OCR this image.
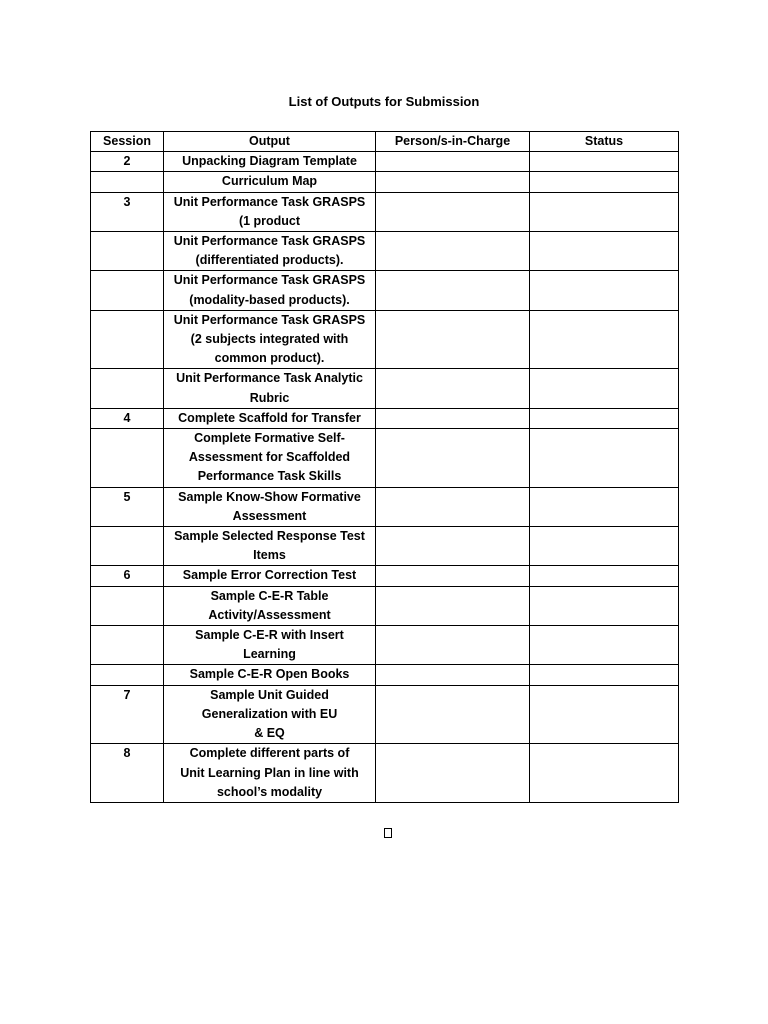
List of Outputs for Submission
Session	Output	Person/s-in-Charge	Status
2	Unpacking Diagram Template		
	Curriculum Map		
3	Unit Performance Task GRASPS
(1 product		
	Unit Performance Task GRASPS
(differentiated products).		
	Unit Performance Task GRASPS
(modality-based products).		
	Unit Performance Task GRASPS
(2 subjects integrated with
common product).		
	Unit Performance Task Analytic
Rubric		
4	Complete Scaffold for Transfer		
	Complete Formative Self-
Assessment for Scaffolded
Performance Task Skills		
5	Sample Know-Show Formative
Assessment

	Sample Selected Response Test
Items

6	Sample Error Correction Test		
	Sample C-E-R Table
Activity/Assessment		
	Sample C-E-R with Insert
Learning		
	Sample C-E-R Open Books		
7	Sample Unit Guided
Generalization with EU
& EQ		
8	Complete different parts of
Unit Learning Plan in line with
school’s modality		
